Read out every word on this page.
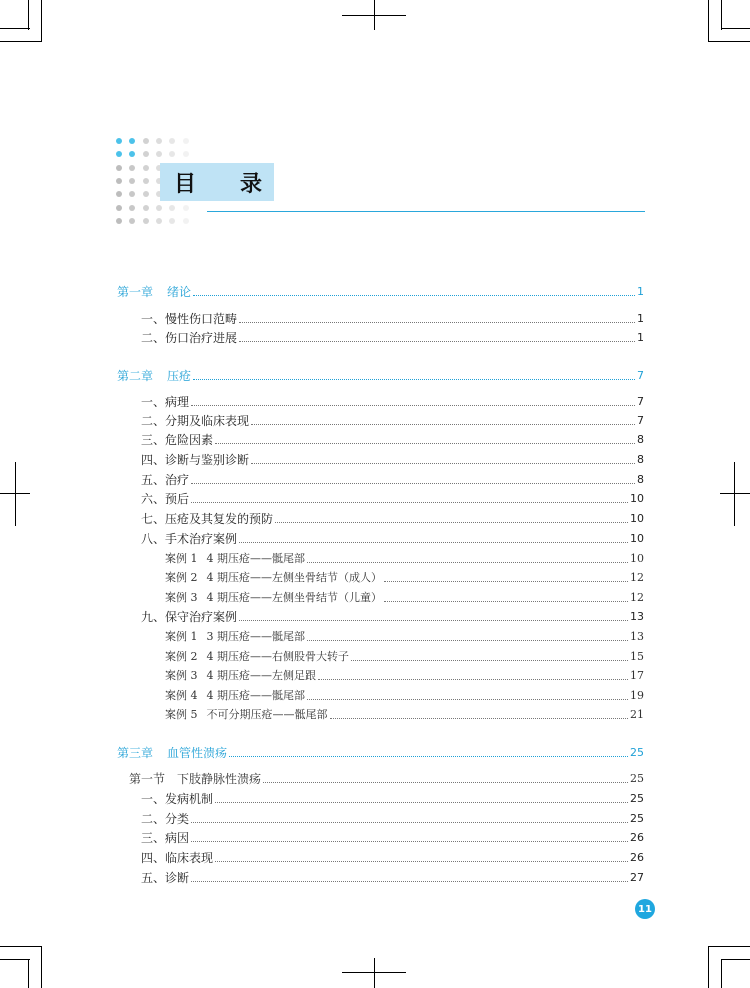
目 录
第一章 绪论	1
一、慢性伤口范畴	1
二、伤口治疗进展	1
第二章 压疮	7
一、病理	7
二、分期及临床表现	7
三、危险因素	8
四、诊断与鉴别诊断	8
五、治疗	8
六、预后	10
七、压疮及其复发的预防	10
八、手术治疗案例	10
案例 1 4 期压疮——骶尾部	10
案例 2 4 期压疮——左侧坐骨结节（成人）	12
案例 3 4 期压疮——左侧坐骨结节（儿童）	12
九、保守治疗案例	13
案例 1 3 期压疮——骶尾部	13
案例 2 4 期压疮——右侧股骨大转子	15
案例 3 4 期压疮——左侧足跟	17
案例 4 4 期压疮——骶尾部	19
案例 5 不可分期压疮——骶尾部	21
第三章 血管性溃疡	25
第一节　下肢静脉性溃疡	25
一、发病机制	25
二、分类	25
三、病因	26
四、临床表现	26
五、诊断	27
11
